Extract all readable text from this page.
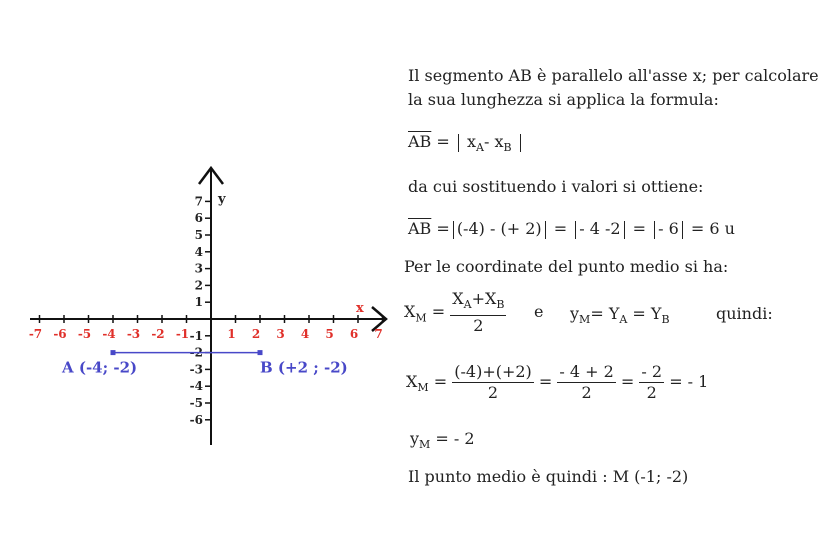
x
y
-7 -6 -5 -4 -3 -2 -1	1 2 3 4 5 6 7
7
6
5
4
3
2
1
-1
-2
-3
-4
-5
-6
A (-4; -2)	B (+2 ; -2)
Il segmento AB è parallelo all'asse x; per calcolare
la sua lunghezza si applica la formula:
$\overline{AB} = x_A-$ $x_B$
da cui sostituendo i valori si ottiene:
$\overline{AB} = (-4)$ - (+ 2) = - 4 -2 = - 6 = 6 u
Per le coordinate del punto medio si ha:
$X_M = \frac{X_A+X_B}{2}$ e $y_M= Y_A = Y_B$	quindi:
$X_M = \frac{(-4)+(+2)}{2} = \frac{- 4 + 2}{2} = \frac{- 2}{2}$ = - 1
$y_M$ = - 2
Il punto medio è quindi : M (-1; -2)
